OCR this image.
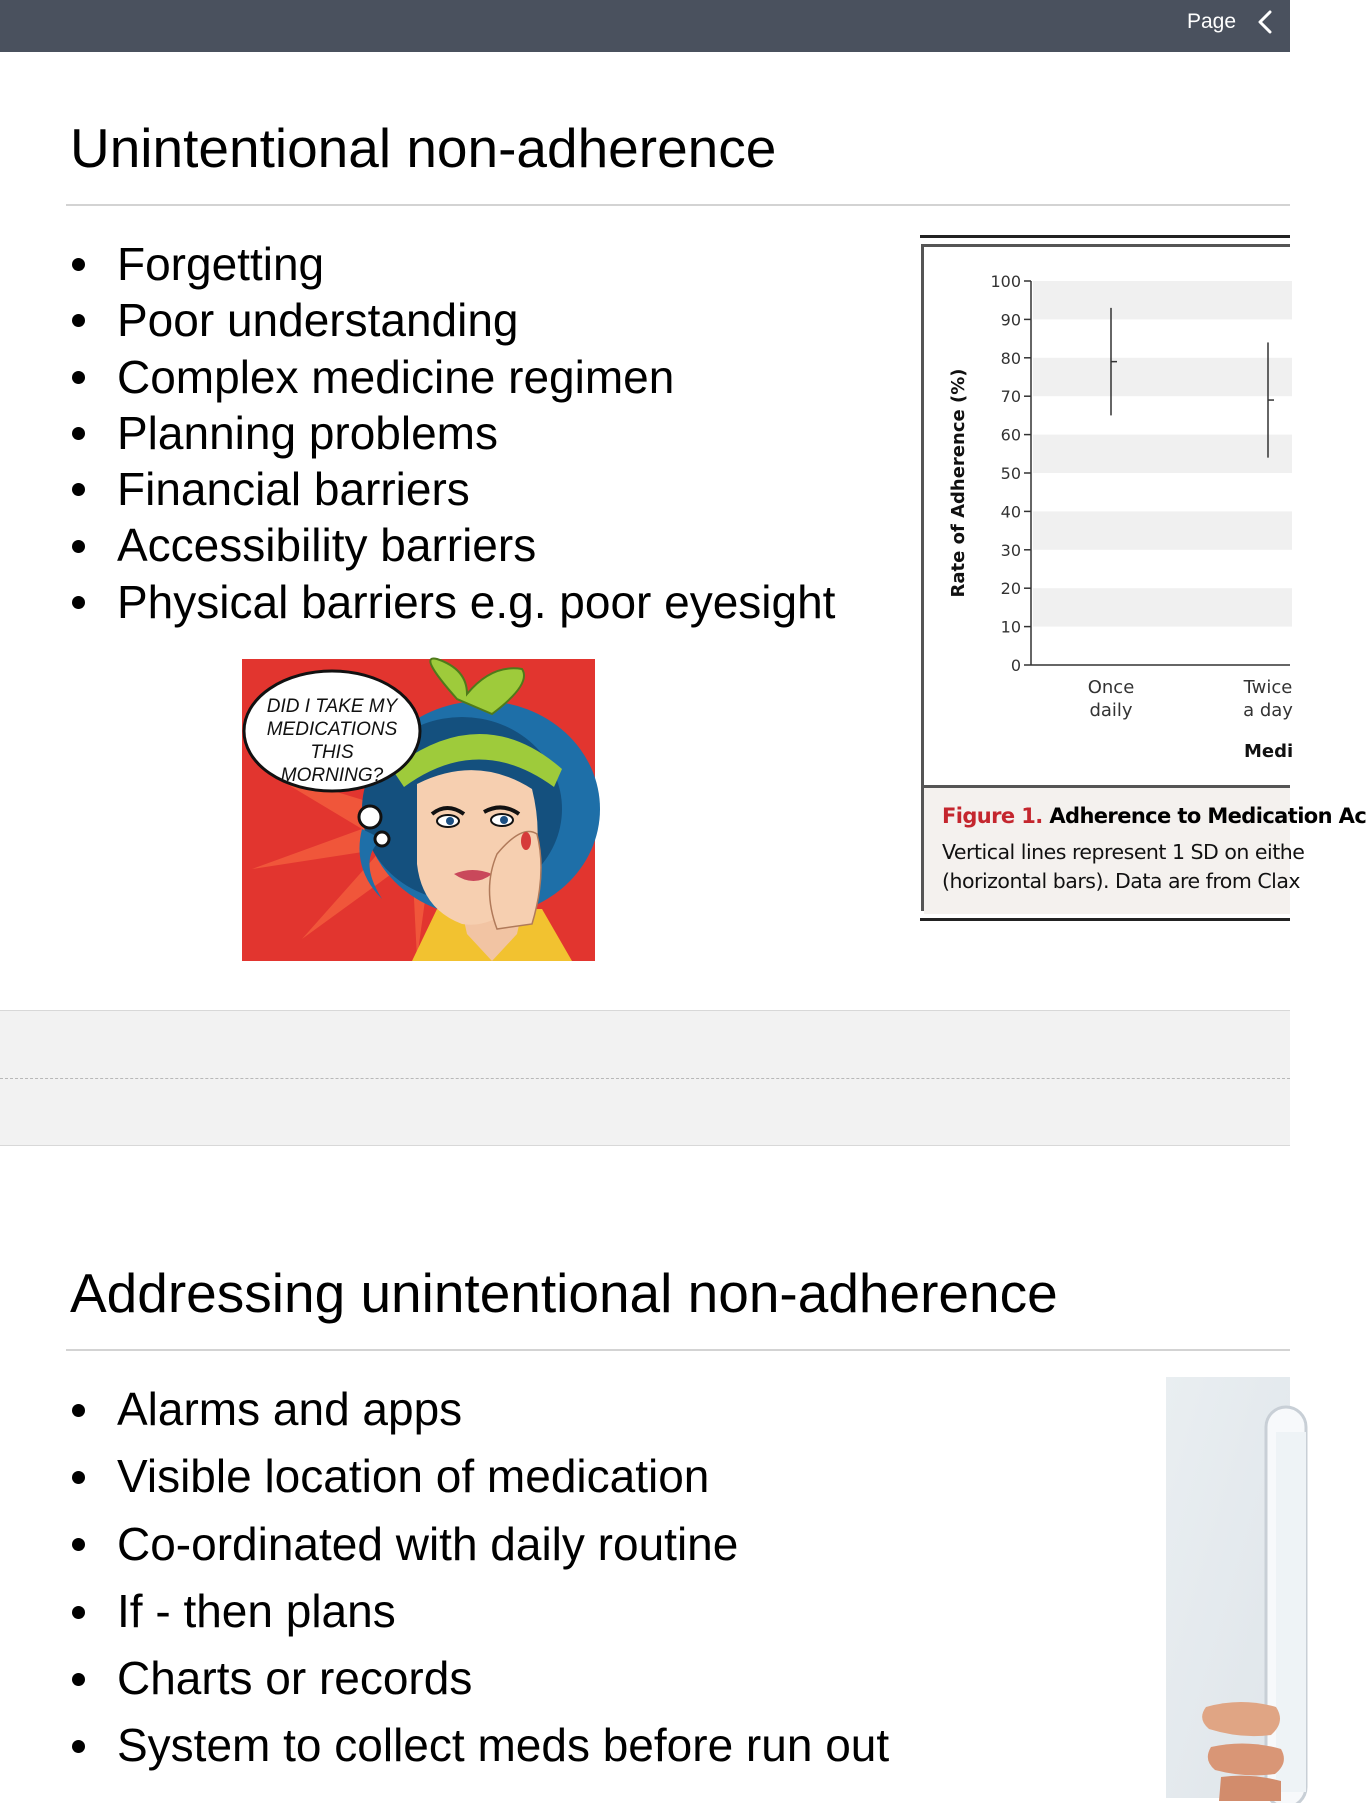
Page
Unintentional non-adherence
Forgetting
Poor understanding
Complex medicine regimen
Planning problems
Financial barriers
Accessibility barriers
Physical barriers e.g. poor eyesight
DID I TAKE MY MEDICATIONS THIS MORNING?
0
10
20
30
40
50
60
70
80
90
100
Rate of Adherence (%)
Once
daily
Twice
a day
Medi
Figure 1. Adherence to Medication Ac
Vertical lines represent 1 SD on eithe
(horizontal bars). Data are from Clax
Addressing unintentional non-adherence
Alarms and apps
Visible location of medication
Co-ordinated with daily routine
If - then plans
Charts or records
System to collect meds before run out
